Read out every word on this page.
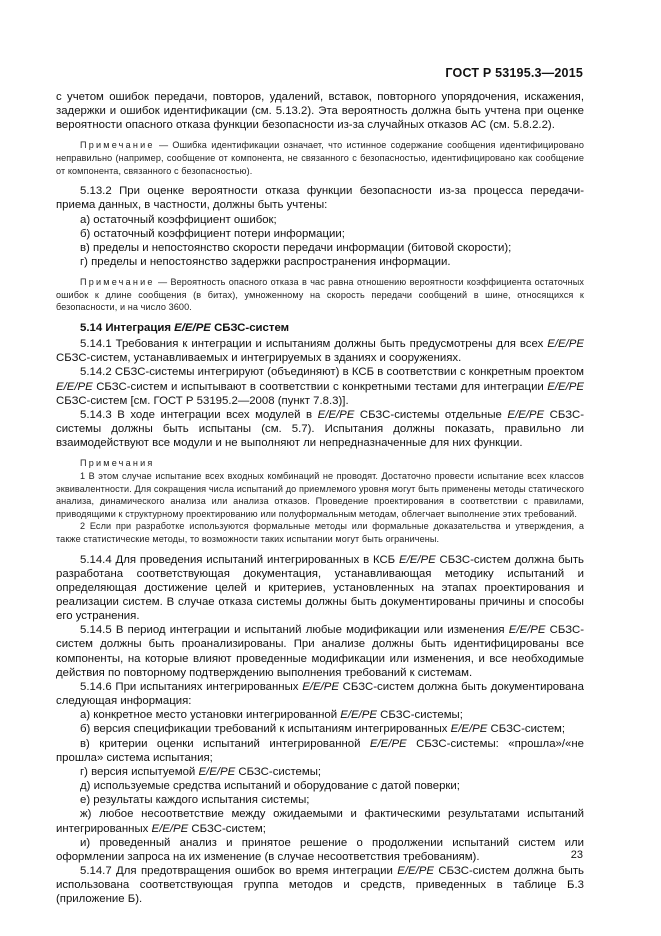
ГОСТ Р 53195.3—2015

с учетом ошибок передачи, повторов, удалений, вставок, повторного упорядочения, искажения, задержки и ошибок идентификации (см. 5.13.2). Эта вероятность должна быть учтена при оценке вероятности опасного отказа функции безопасности из-за случайных отказов АС (см. 5.8.2.2).

Примечание — Ошибка идентификации означает, что истинное содержание сообщения идентифицировано неправильно (например, сообщение от компонента, не связанного с безопасностью, идентифицировано как сообщение от компонента, связанного с безопасностью).

5.13.2 При оценке вероятности отказа функции безопасности из-за процесса передачи-приема данных, в частности, должны быть учтены:

а) остаточный коэффициент ошибок;

б) остаточный коэффициент потери информации;

в) пределы и непостоянство скорости передачи информации (битовой скорости);

г) пределы и непостоянство задержки распространения информации.

Примечание — Вероятность опасного отказа в час равна отношению вероятности коэффициента остаточных ошибок к длине сообщения (в битах), умноженному на скорость передачи сообщений в шине, относящихся к безопасности, и на число 3600.

5.14 Интеграция E/E/PE СБЗС-систем

5.14.1 Требования к интеграции и испытаниям должны быть предусмотрены для всех E/E/PE СБЗС-систем, устанавливаемых и интегрируемых в зданиях и сооружениях.

5.14.2 СБЗС-системы интегрируют (объединяют) в КСБ в соответствии с конкретным проектом E/E/PE СБЗС-систем и испытывают в соответствии с конкретными тестами для интеграции E/E/PE СБЗС-систем [см. ГОСТ Р 53195.2—2008 (пункт 7.8.3)].

5.14.3 В ходе интеграции всех модулей в E/E/PE СБЗС-системы отдельные E/E/PE СБЗС-системы должны быть испытаны (см. 5.7). Испытания должны показать, правильно ли взаимодействуют все модули и не выполняют ли непредназначенные для них функции.

Примечания

1 В этом случае испытание всех входных комбинаций не проводят. Достаточно провести испытание всех классов эквивалентности. Для сокращения числа испытаний до приемлемого уровня могут быть применены методы статического анализа, динамического анализа или анализа отказов. Проведение проектирования в соответствии с правилами, приводящими к структурному проектированию или полуформальным методам, облегчает выполнение этих требований.

2 Если при разработке используются формальные методы или формальные доказательства и утверждения, а также статистические методы, то возможности таких испытании могут быть ограничены.

5.14.4 Для проведения испытаний интегрированных в КСБ E/E/PE СБЗС-систем должна быть разработана соответствующая документация, устанавливающая методику испытаний и определяющая достижение целей и критериев, установленных на этапах проектирования и реализации систем. В случае отказа системы должны быть документированы причины и способы его устранения.

5.14.5 В период интеграции и испытаний любые модификации или изменения E/E/PE СБЗС-систем должны быть проанализированы. При анализе должны быть идентифицированы все компоненты, на которые влияют проведенные модификации или изменения, и все необходимые действия по повторному подтверждению выполнения требований к системам.

5.14.6 При испытаниях интегрированных E/E/PE СБЗС-систем должна быть документирована следующая информация:

а) конкретное место установки интегрированной E/E/PE СБЗС-системы;

б) версия спецификации требований к испытаниям интегрированных E/E/PE СБЗС-систем;

в) критерии оценки испытаний интегрированной E/E/PE СБЗС-системы: «прошла»/«не прошла» система испытания;

г) версия испытуемой E/E/PE СБЗС-системы;

д) используемые средства испытаний и оборудование с датой поверки;

е) результаты каждого испытания системы;

ж) любое несоответствие между ожидаемыми и фактическими результатами испытаний интегрированных E/E/PE СБЗС-систем;

и) проведенный анализ и принятое решение о продолжении испытаний систем или оформлении запроса на их изменение (в случае несоответствия требованиям).

5.14.7 Для предотвращения ошибок во время интеграции E/E/PE СБЗС-систем должна быть использована соответствующая группа методов и средств, приведенных в таблице Б.3 (приложение Б).

23
